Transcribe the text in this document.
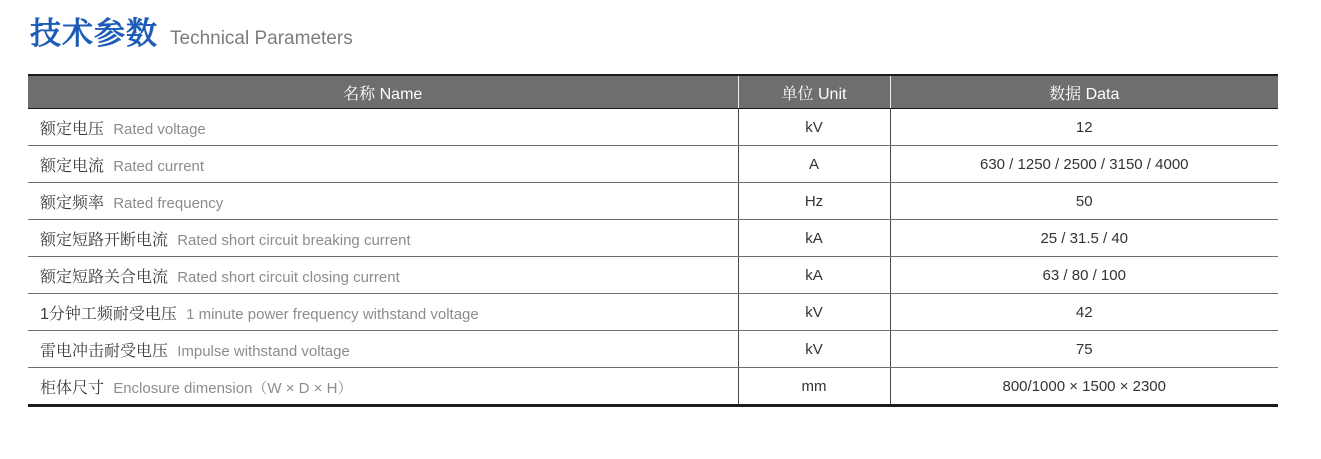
技术参数 Technical Parameters
名称 Name	单位 Unit	数据 Data
额定电压 Rated voltage	kV	12
额定电流 Rated current	A	630 / 1250 / 2500 / 3150 / 4000
额定频率 Rated frequency	Hz	50
额定短路开断电流 Rated short circuit breaking current	kA	25 / 31.5 / 40
额定短路关合电流 Rated short circuit closing current	kA	63 / 80 / 100
1分钟工频耐受电压 1 minute power frequency withstand voltage	kV	42
雷电冲击耐受电压 Impulse withstand voltage	kV	75
柜体尺寸 Enclosure dimension（W × D × H）	mm	800/1000 × 1500 × 2300
